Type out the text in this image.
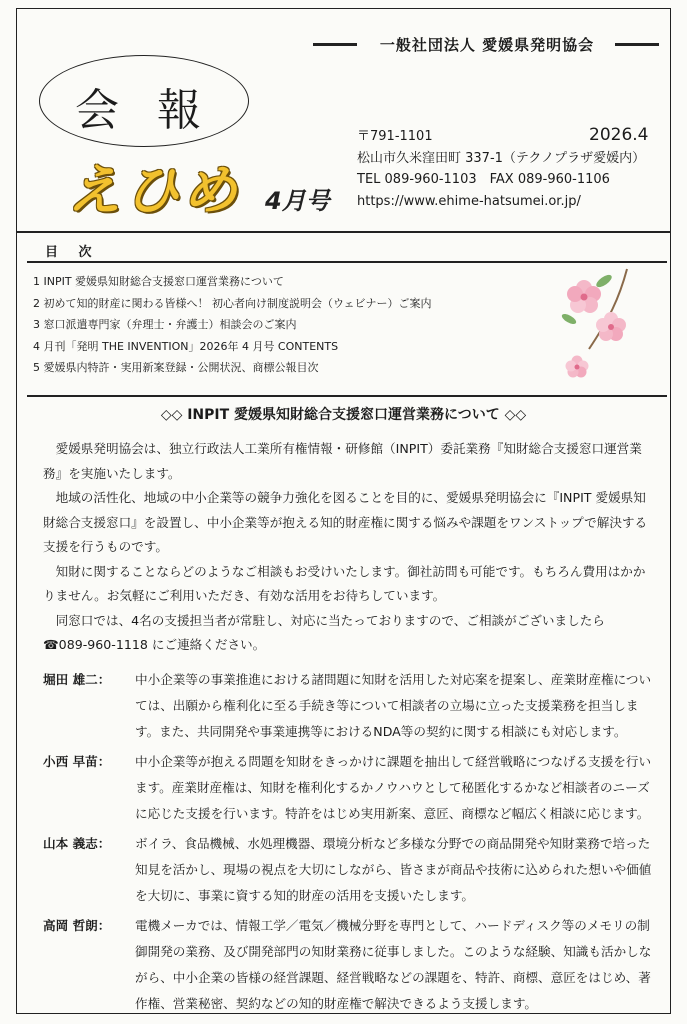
一般社団法人 愛媛県発明協会
会 報
えひめ 4月号
〒791-1101	2026.4
松山市久米窪田町 337-1（テクノプラザ愛媛内）
TEL 089-960-1103　FAX 089-960-1106
https://www.ehime-hatsumei.or.jp/
目 次
1 INPIT 愛媛県知財総合支援窓口運営業務について
2 初めて知的財産に関わる皆様へ！ 初心者向け制度説明会（ウェビナー）ご案内
3 窓口派遣専門家（弁理士・弁護士）相談会のご案内
4 月刊「発明 THE INVENTION」2026年 4 月号 CONTENTS
5 愛媛県内特許・実用新案登録・公開状況、商標公報目次
◇◇ INPIT 愛媛県知財総合支援窓口運営業務について ◇◇

愛媛県発明協会は、独立行政法人工業所有権情報・研修館（INPIT）委託業務『知財総合支援窓口運営業務』を実施いたします。

地域の活性化、地域の中小企業等の競争力強化を図ることを目的に、愛媛県発明協会に『INPIT 愛媛県知財総合支援窓口』を設置し、中小企業等が抱える知的財産権に関する悩みや課題をワンストップで解決する支援を行うものです。

知財に関することならどのようなご相談もお受けいたします。御社訪問も可能です。もちろん費用はかかりません。お気軽にご利用いただき、有効な活用をお待ちしています。

同窓口では、4名の支援担当者が常駐し、対応に当たっておりますので、ご相談がございましたら

☎089-960-1118 にご連絡ください。

堀田 雄二：	中小企業等の事業推進における諸問題に知財を活用した対応案を提案し、産業財産権については、出願から権利化に至る手続き等について相談者の立場に立った支援業務を担当します。また、共同開発や事業連携等におけるNDA等の契約に関する相談にも対応します。
小西 早苗：	中小企業等が抱える問題を知財をきっかけに課題を抽出して経営戦略につなげる支援を行います。産業財産権は、知財を権利化するかノウハウとして秘匿化するかなど相談者のニーズに応じた支援を行います。特許をはじめ実用新案、意匠、商標など幅広く相談に応じます。
山本 義志：	ボイラ、食品機械、水処理機器、環境分析など多様な分野での商品開発や知財業務で培った知見を活かし、現場の視点を大切にしながら、皆さまが商品や技術に込められた想いや価値を大切に、事業に資する知的財産の活用を支援いたします。
高岡 哲朗：	電機メーカでは、情報工学／電気／機械分野を専門として、ハードディスク等のメモリの制御開発の業務、及び開発部門の知財業務に従事しました。このような経験、知識も活かしながら、中小企業の皆様の経営課題、経営戦略などの課題を、特許、商標、意匠をはじめ、著作権、営業秘密、契約などの知的財産権で解決できるよう支援します。
